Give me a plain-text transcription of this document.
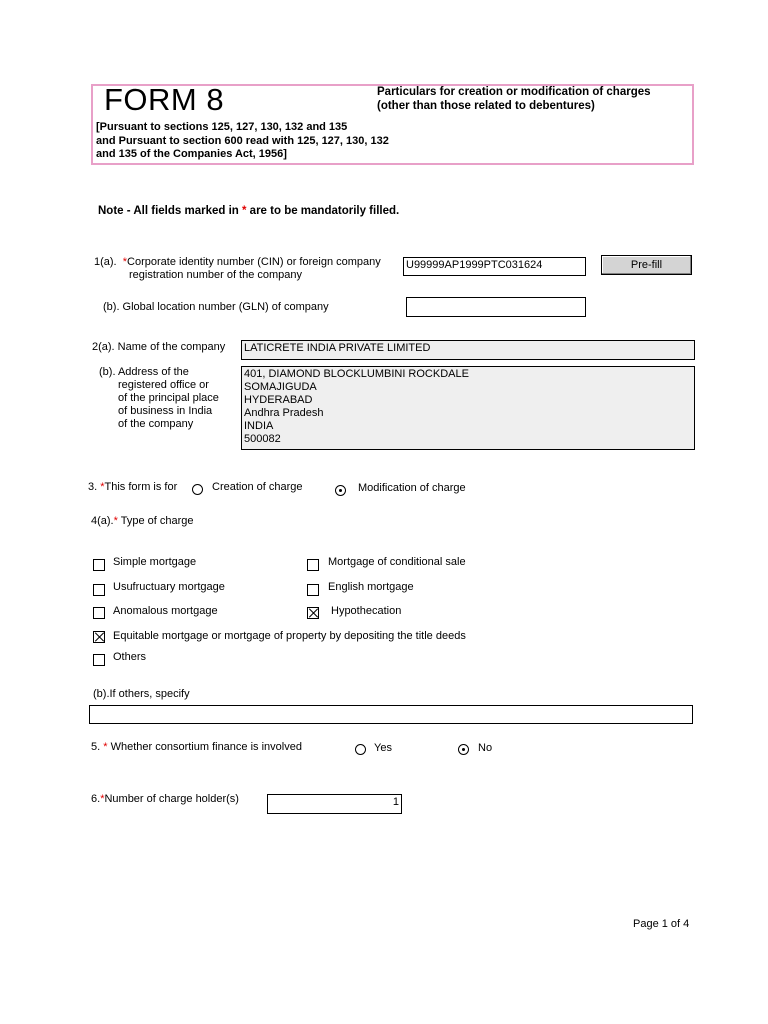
FORM 8	Particulars for creation or modification of charges
(other than those related to debentures)
[Pursuant to sections 125, 127, 130, 132 and 135
and Pursuant to section 600 read with 125, 127, 130, 132
and 135 of the Companies Act, 1956]
Note - All fields marked in * are to be mandatorily filled.
1(a). *Corporate identity number (CIN) or foreign company
registration number of the company
U99999AP1999PTC031624	Pre-fill
(b). Global location number (GLN) of company
2(a). Name of the company LATICRETE INDIA PRIVATE LIMITED
(b). Address of the
registered office or
of the principal place
of business in India
of the company
401, DIAMOND BLOCKLUMBINI ROCKDALE
SOMAJIGUDA
HYDERABAD
Andhra Pradesh
INDIA
500082
3. *This form is for	Creation of charge	Modification of charge
4(a).* Type of charge
Simple mortgage	Mortgage of conditional sale
Usufructuary mortgage	English mortgage
Anomalous mortgage	Hypothecation
Equitable mortgage or mortgage of property by depositing the title deeds
Others
(b).If others, specify
5. * Whether consortium finance is involved	Yes	No
6.*Number of charge holder(s)	1
Page 1 of 4
